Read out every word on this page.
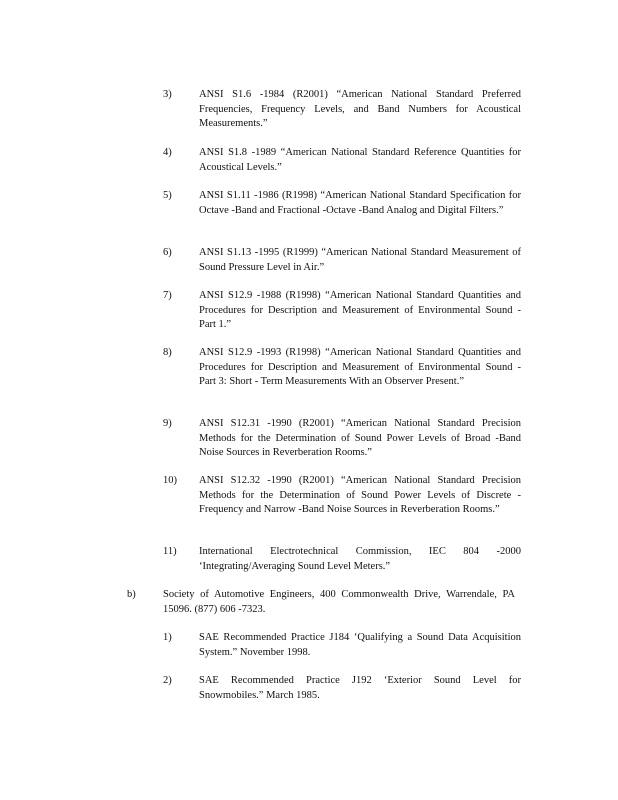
3)	ANSI S1.6 -1984 (R2001) “American National Standard Preferred Frequencies, Frequency Levels, and Band Numbers for Acoustical Measurements.”
4)	ANSI S1.8 -1989 “American National Standard Reference Quantities for Acoustical Levels.”
5)	ANSI S1.11 -1986 (R1998) “American National Standard Specification for Octave -Band and Fractional -Octave -Band Analog and Digital Filters.”
6)	ANSI S1.13 -1995 (R1999) “American National Standard Measurement of Sound Pressure Level in Air.”
7)	ANSI S12.9 -1988 (R1998) “American National Standard Quantities and Procedures for Description and Measurement of Environmental Sound - Part 1.”
8)	ANSI S12.9 -1993 (R1998) “American National Standard Quantities and Procedures for Description and Measurement of Environmental Sound - Part 3: Short - Term Measurements With an Observer Present.”
9)	ANSI S12.31 -1990 (R2001) “American National Standard Precision Methods for the Determination of Sound Power Levels of Broad -Band Noise Sources in Reverberation Rooms.”
10) ANSI S12.32 -1990 (R2001) “American National Standard Precision Methods for the Determination of Sound Power Levels of Discrete -Frequency and Narrow -Band Noise Sources in Reverberation Rooms.”
11) International Electrotechnical Commission, IEC 804 -2000 ‘Integrating/Averaging Sound Level Meters.”
b)	Society of Automotive Engineers, 400 Commonwealth Drive, Warrendale, PA 15096. (877) 606 -7323.
1)	SAE Recommended Practice J184 ‘Qualifying a Sound Data Acquisition System.” November 1998.
2)	SAE Recommended Practice J192 ‘Exterior Sound Level for Snowmobiles.” March 1985.
